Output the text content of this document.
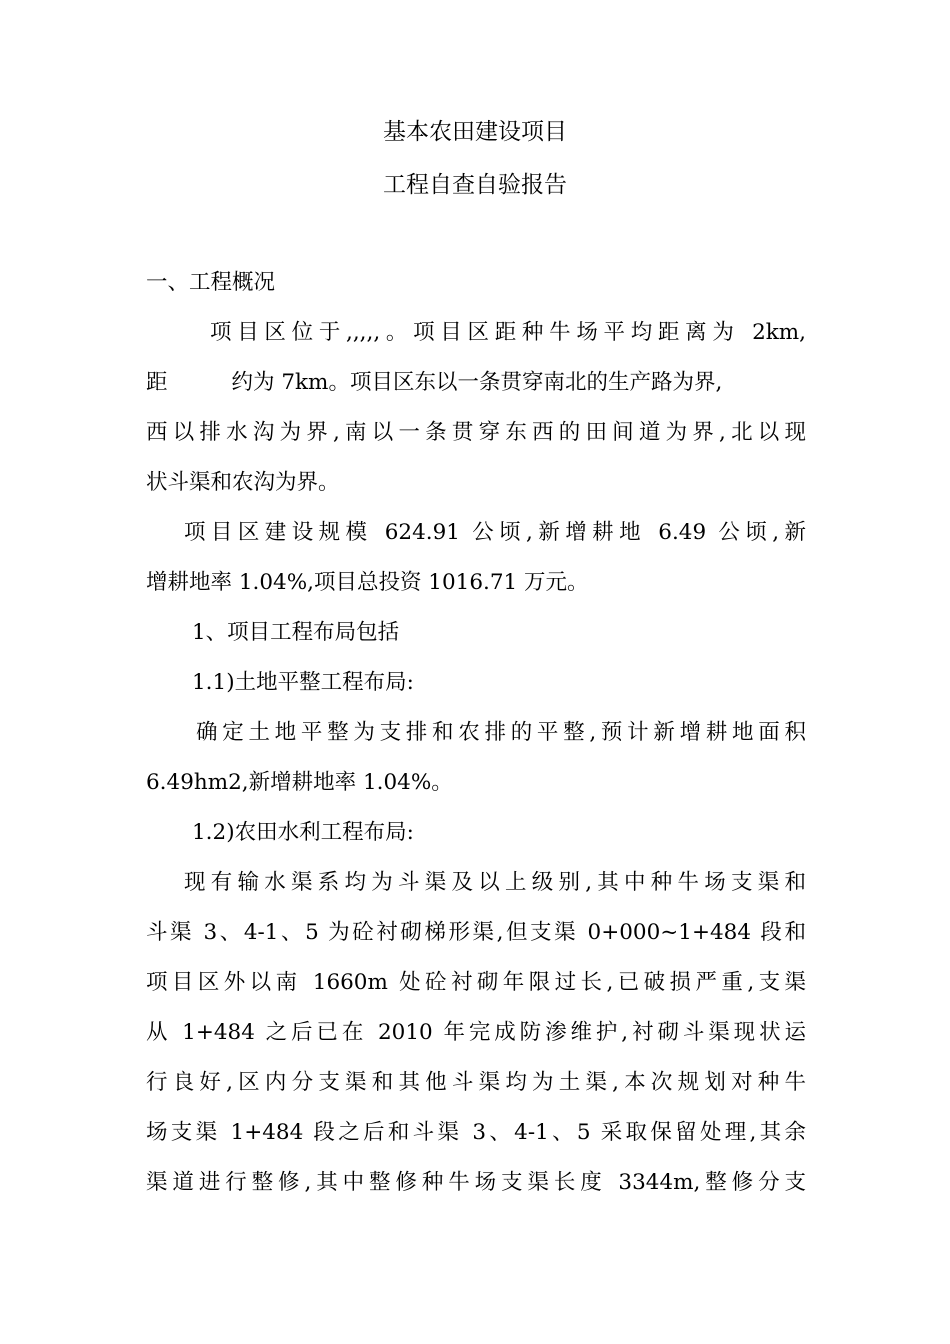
基本农田建设项目
工程自查自验报告
一、工程概况
项目区位于,,,,,。项目区距种牛场平均距离为 2km,
距	约为 7km。项目区东以一条贯穿南北的生产路为界,
西以排水沟为界,南以一条贯穿东西的田间道为界,北以现
状斗渠和农沟为界。
项目区建设规模 624.91 公顷,新增耕地 6.49 公顷,新
增耕地率 1.04%,项目总投资 1016.71 万元。
1、项目工程布局包括
1.1)土地平整工程布局:
确定土地平整为支排和农排的平整,预计新增耕地面积
6.49hm2,新增耕地率 1.04%。
1.2)农田水利工程布局:
现有输水渠系均为斗渠及以上级别,其中种牛场支渠和
斗渠 3、4-1、5 为砼衬砌梯形渠,但支渠 0+000~1+484 段和
项目区外以南 1660m 处砼衬砌年限过长,已破损严重,支渠
从 1+484 之后已在 2010 年完成防渗维护,衬砌斗渠现状运
行良好,区内分支渠和其他斗渠均为土渠,本次规划对种牛
场支渠 1+484 段之后和斗渠 3、4-1、5 采取保留处理,其余
渠道进行整修,其中整修种牛场支渠长度 3344m,整修分支
